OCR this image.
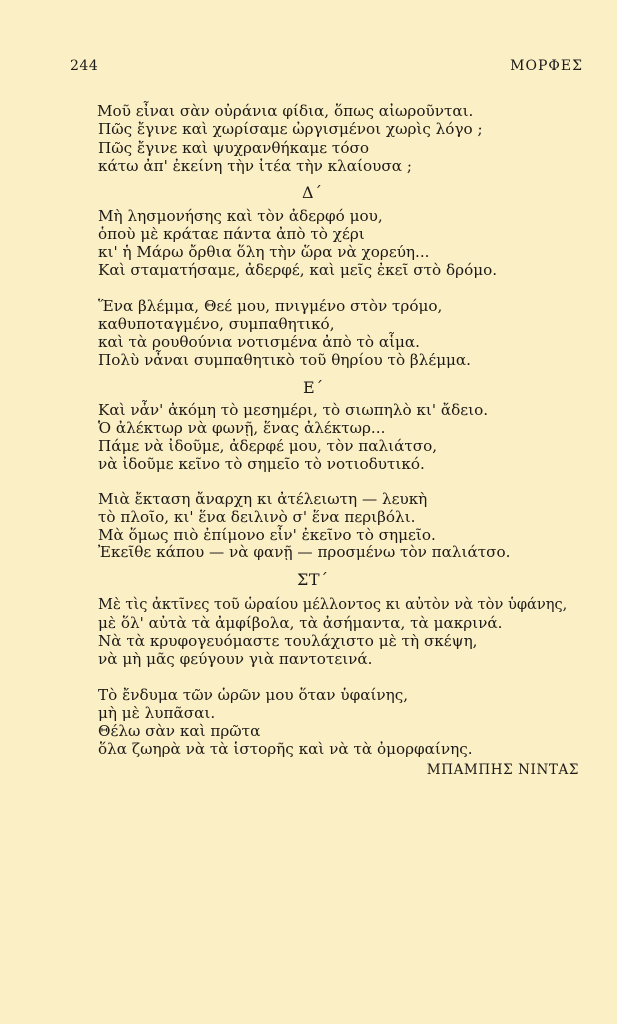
244	ΜΟΡΦΕΣ
Μοῦ εἶναι σὰν οὐράνια φίδια, ὅπως αἰωροῦνται.
Πῶς ἔγινε καὶ χωρίσαμε ὠργισμένοι χωρὶς λόγο ;
Πῶς ἔγινε καὶ ψυχρανθήκαμε τόσο
κάτω ἀπ' ἐκείνη τὴν ἰτέα τὴν κλαίουσα ;
Δ΄
Μὴ λησμονήσης καὶ τὸν ἀδερφό μου,
ὁποὺ μὲ κράταε πάντα ἀπὸ τὸ χέρι
κι' ἡ Μάρω ὄρθια ὅλη τὴν ὥρα νὰ χορεύη...
Καὶ σταματήσαμε, ἀδερφέ, καὶ μεῖς ἐκεῖ στὸ δρόμο.
Ἕνα βλέμμα, Θεέ μου, πνιγμένο στὸν τρόμο,
καθυποταγμένο, συμπαθητικό,
καὶ τὰ ρουθούνια νοτισμένα ἀπὸ τὸ αἷμα.
Πολὺ νἆναι συμπαθητικὸ τοῦ θηρίου τὸ βλέμμα.
Ε΄
Καὶ νἆν' ἀκόμη τὸ μεσημέρι, τὸ σιωπηλὸ κι' ἄδειο.
Ὁ ἀλέκτωρ νὰ φωνῇ, ἕνας ἀλέκτωρ...
Πάμε νὰ ἰδοῦμε, ἀδερφέ μου, τὸν παλιάτσο,
νὰ ἰδοῦμε κεῖνο τὸ σημεῖο τὸ νοτιοδυτικό.
Μιὰ ἔκταση ἄναρχη κι ἀτέλειωτη — λευκὴ
τὸ πλοῖο, κι' ἕνα δειλινὸ σ' ἕνα περιβόλι.
Μὰ ὅμως πιὸ ἐπίμονο εἶν' ἐκεῖνο τὸ σημεῖο.
Ἐκεῖθε κάπου — νὰ φανῇ — προσμένω τὸν παλιάτσο.
ΣΤ΄
Μὲ τὶς ἀκτῖνες τοῦ ὡραίου μέλλοντος κι αὐτὸν νὰ τὸν ὑφάνης,
μὲ ὅλ' αὐτὰ τὰ ἀμφίβολα, τὰ ἀσήμαντα, τὰ μακρινά.
Νὰ τὰ κρυφογευόμαστε τουλάχιστο μὲ τὴ σκέψη,
νὰ μὴ μᾶς φεύγουν γιὰ παντοτεινά.
Τὸ ἔνδυμα τῶν ὡρῶν μου ὅταν ὑφαίνης,
μὴ μὲ λυπᾶσαι.
Θέλω σὰν καὶ πρῶτα
ὅλα ζωηρὰ νὰ τὰ ἱστορῆς καὶ νὰ τὰ ὀμορφαίνης.
ΜΠΑΜΠΗΣ ΝΙΝΤΑΣ
